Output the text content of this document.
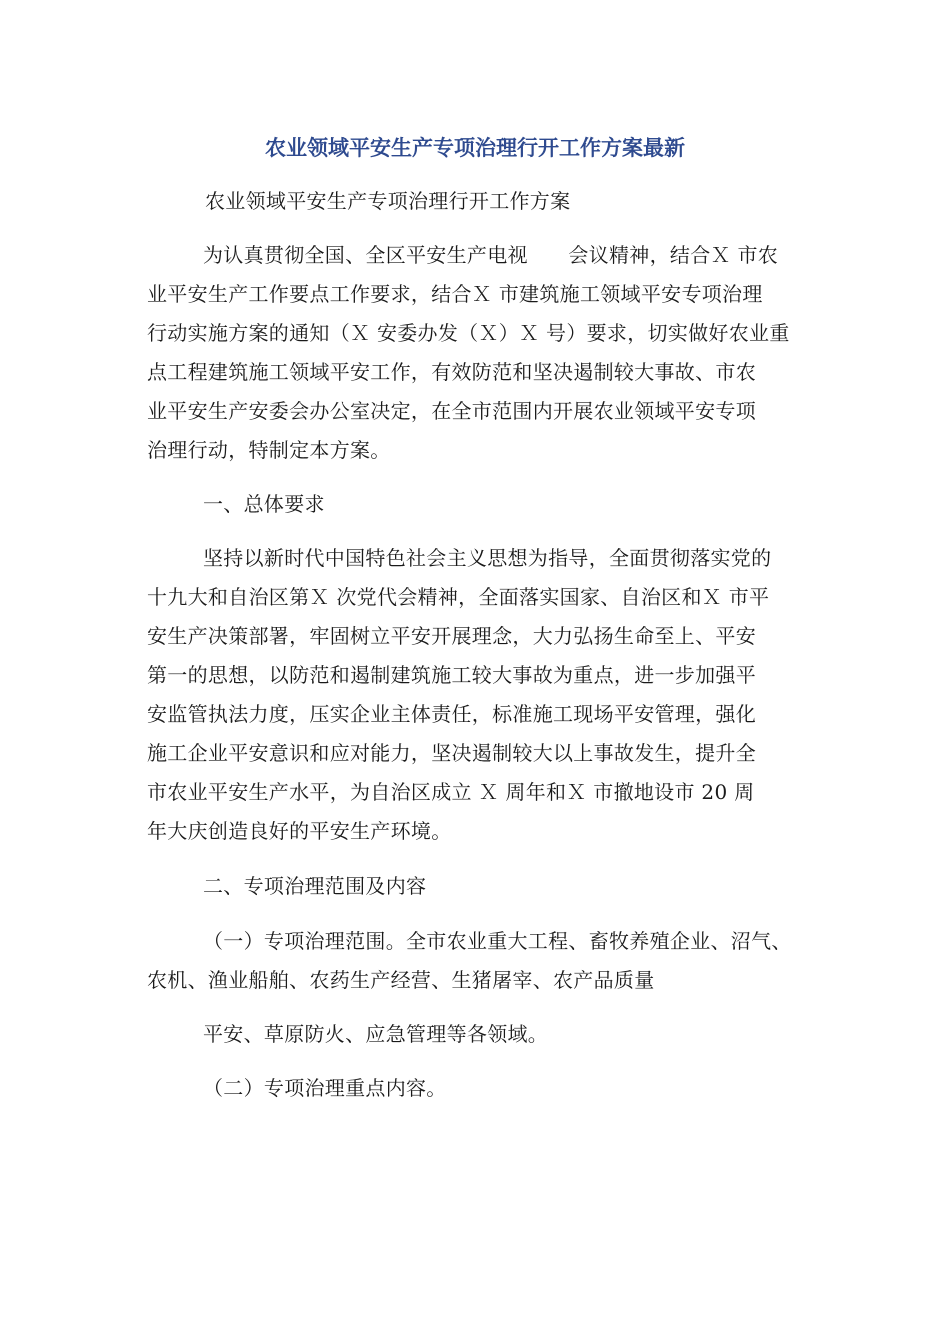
农业领域平安生产专项治理行开工作方案最新
农业领域平安生产专项治理行开工作方案
为认真贯彻全国、全区平安生产电视　　会议精神，结合Ｘ 市农
业平安生产工作要点工作要求，结合Ｘ 市建筑施工领域平安专项治理
行动实施方案的通知（Ｘ 安委办发（Ｘ）Ｘ 号）要求，切实做好农业重
点工程建筑施工领域平安工作，有效防范和坚决遏制较大事故、市农
业平安生产安委会办公室决定，在全市范围内开展农业领域平安专项
治理行动，特制定本方案。
一、总体要求
坚持以新时代中国特色社会主义思想为指导，全面贯彻落实党的
十九大和自治区第Ｘ 次党代会精神，全面落实国家、自治区和Ｘ 市平
安生产决策部署，牢固树立平安开展理念，大力弘扬生命至上、平安
第一的思想，以防范和遏制建筑施工较大事故为重点，进一步加强平
安监管执法力度，压实企业主体责任，标准施工现场平安管理，强化
施工企业平安意识和应对能力，坚决遏制较大以上事故发生，提升全
市农业平安生产水平，为自治区成立 Ｘ 周年和Ｘ 市撤地设市 20 周
年大庆创造良好的平安生产环境。
二、专项治理范围及内容
（一）专项治理范围。全市农业重大工程、畜牧养殖企业、沼气、
农机、渔业船舶、农药生产经营、生猪屠宰、农产品质量
平安、草原防火、应急管理等各领域。
（二）专项治理重点内容。
